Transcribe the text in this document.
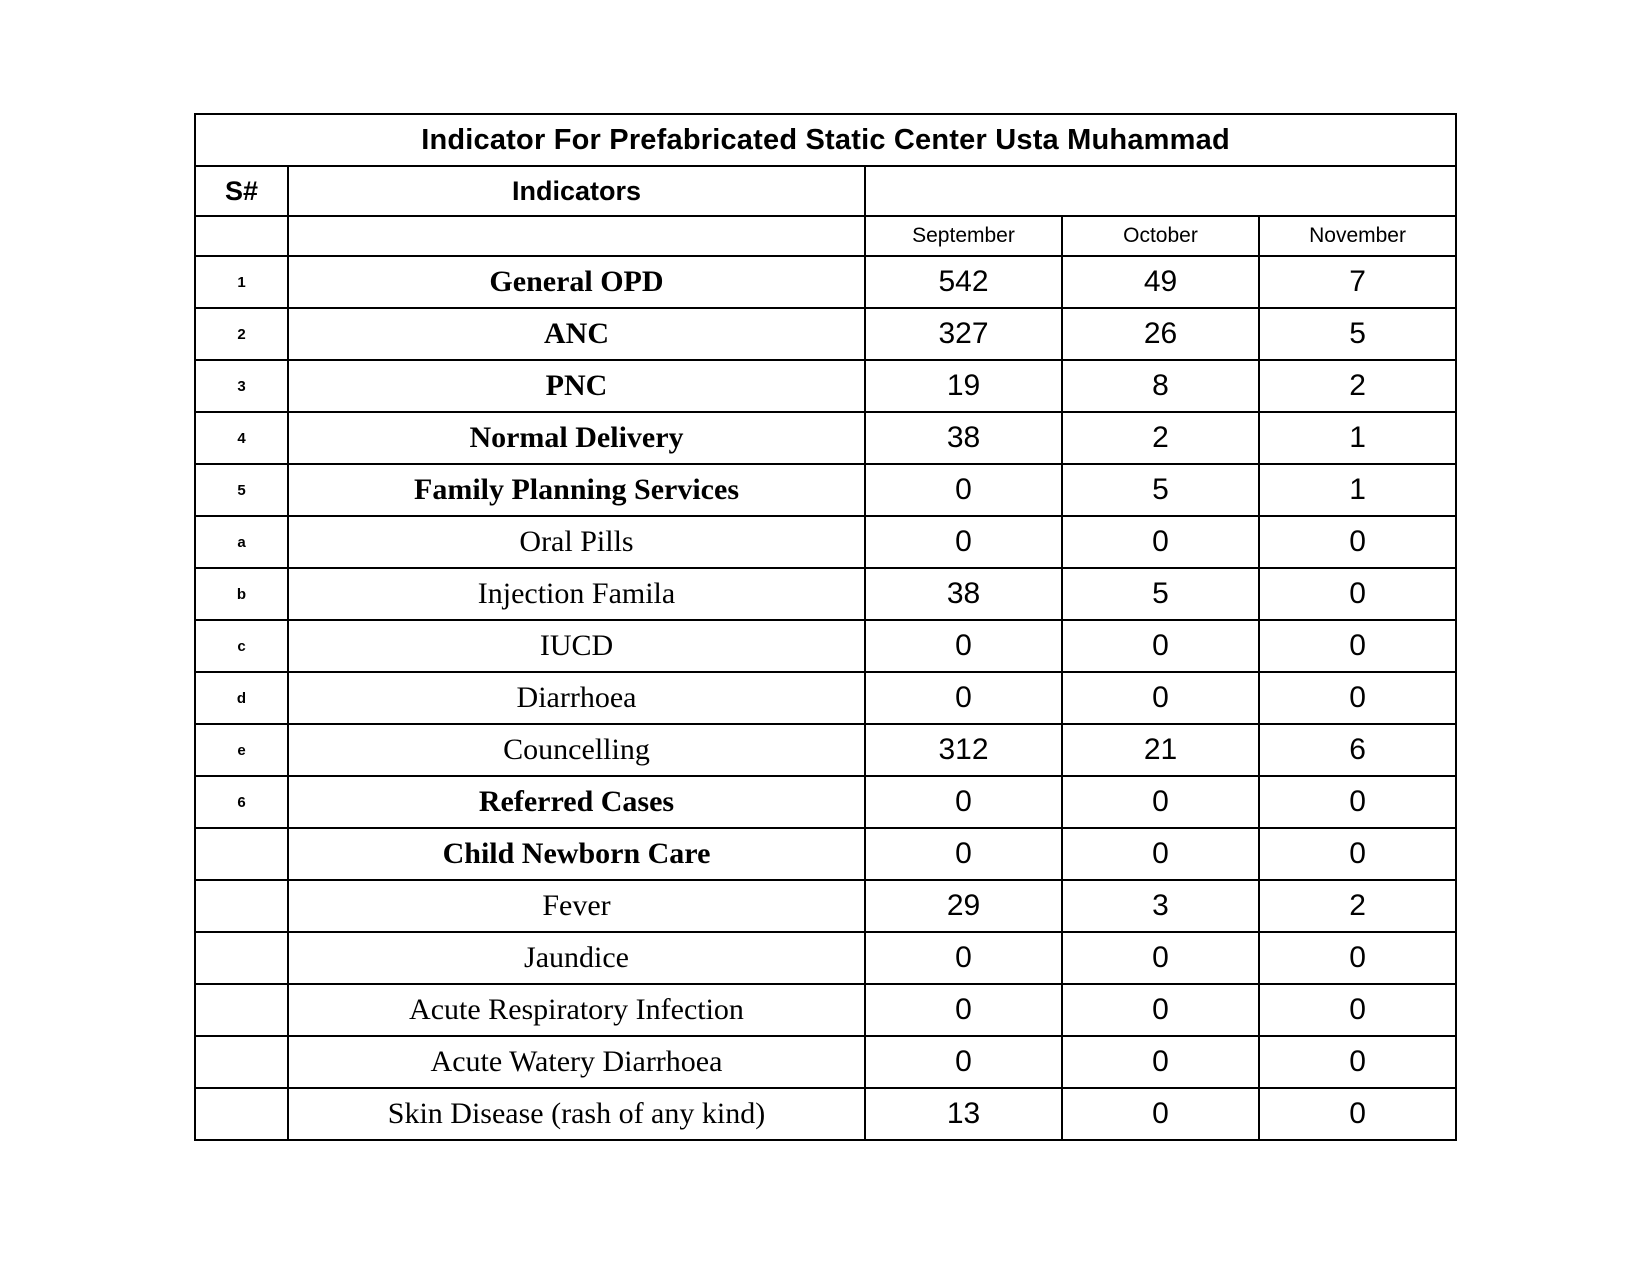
Indicator For Prefabricated Static Center Usta Muhammad				
S#	Indicators			
		September	October	November
1	General OPD	542	49	7
2	ANC	327	26	5
3	PNC	19	8	2
4	Normal Delivery	38	2	1
5	Family Planning Services	0	5	1
a	Oral Pills	0	0	0
b	Injection Famila	38	5	0
c	IUCD	0	0	0
d	Diarrhoea	0	0	0
e	Councelling	312	21	6
6	Referred Cases	0	0	0
	Child Newborn Care	0	0	0
	Fever	29	3	2
	Jaundice	0	0	0
	Acute Respiratory Infection	0	0	0
	Acute Watery Diarrhoea	0	0	0
	Skin Disease (rash of any kind)	13	0	0
